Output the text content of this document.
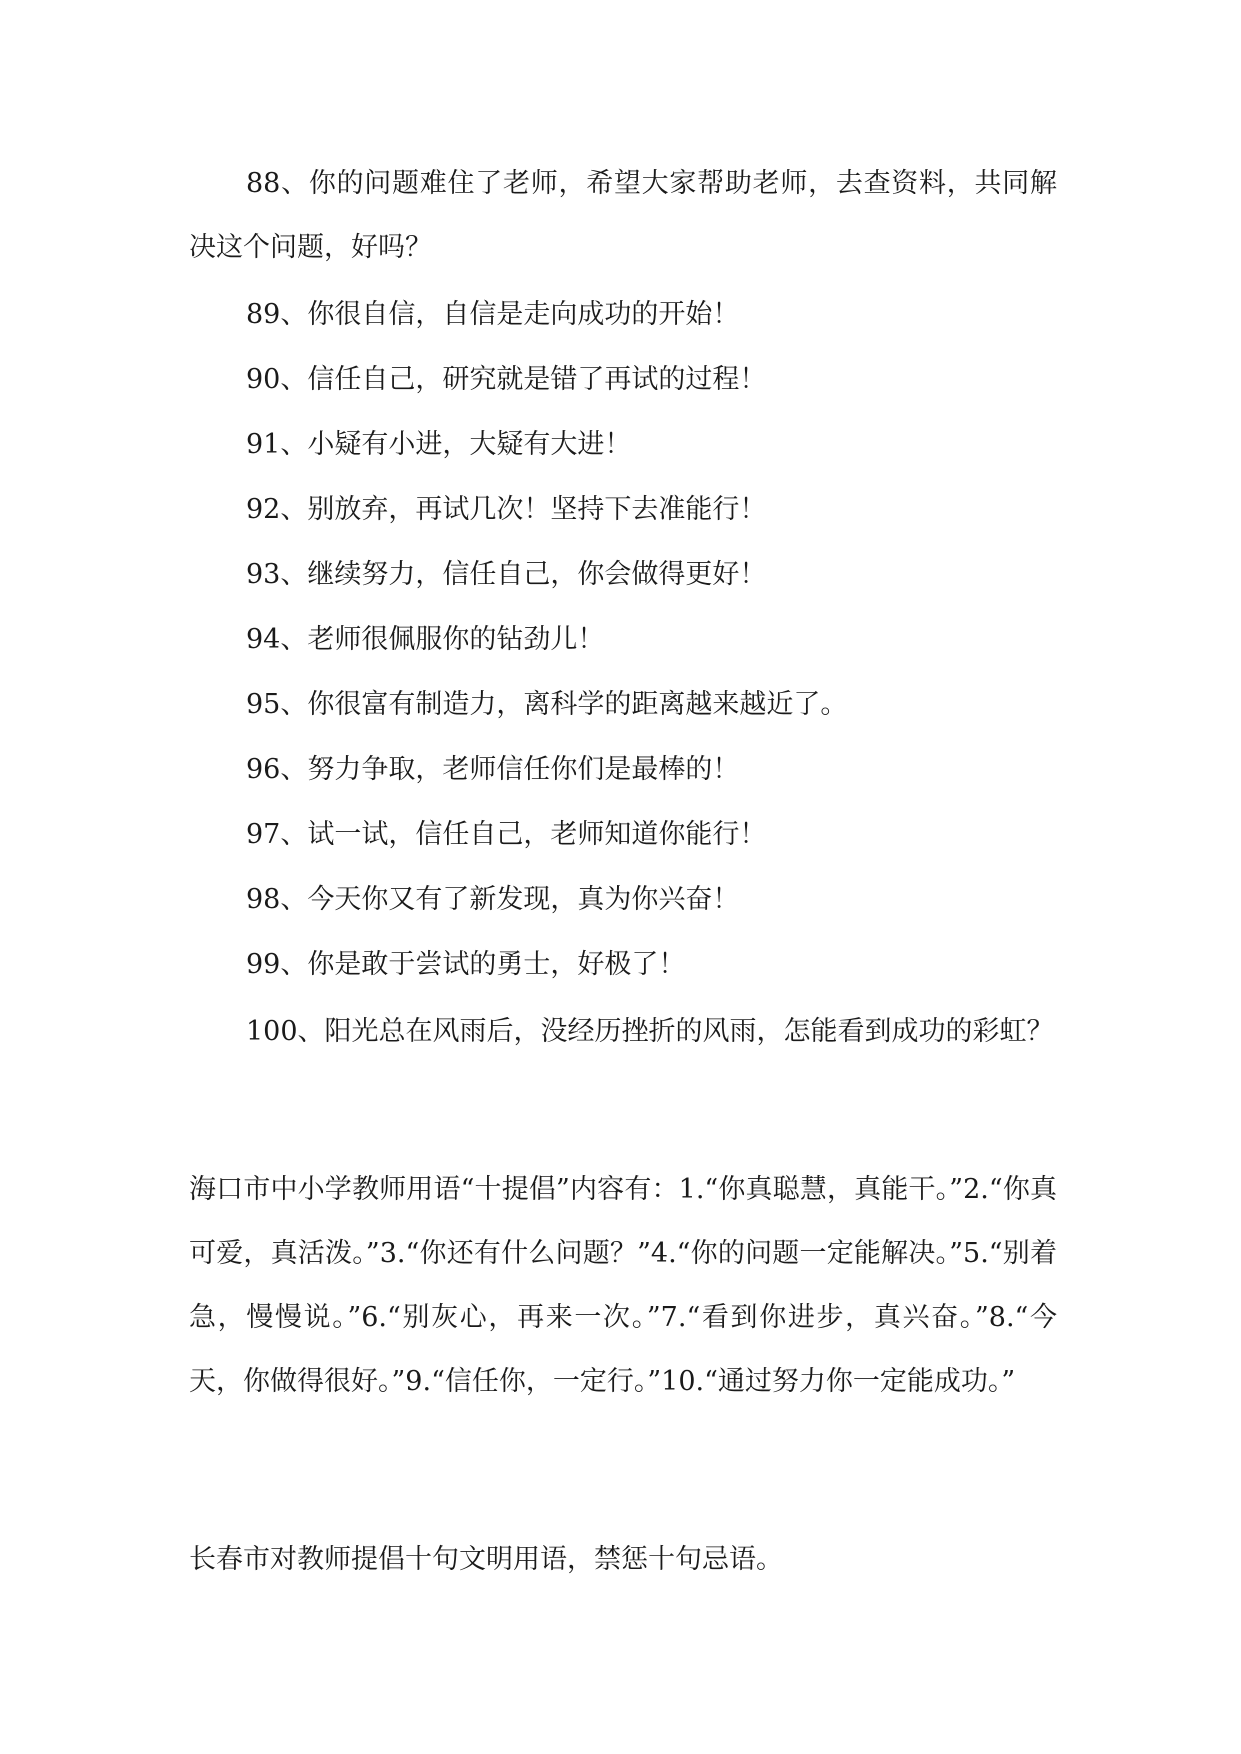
88、你的问题难住了老师，希望大家帮助老师，去查资料，共同解决这个问题，好吗？

89、你很自信，自信是走向成功的开始！

90、信任自己，研究就是错了再试的过程！

91、小疑有小进，大疑有大进！

92、别放弃，再试几次！坚持下去准能行！

93、继续努力，信任自己，你会做得更好！

94、老师很佩服你的钻劲儿！

95、你很富有制造力，离科学的距离越来越近了。

96、努力争取，老师信任你们是最棒的！

97、试一试，信任自己，老师知道你能行！

98、今天你又有了新发现，真为你兴奋！

99、你是敢于尝试的勇士，好极了！

100、阳光总在风雨后，没经历挫折的风雨，怎能看到成功的彩虹？

海口市中小学教师用语“十提倡”内容有：1.“你真聪慧，真能干。”2.“你真可爱，真活泼。”3.“你还有什么问题？”4.“你的问题一定能解决。”5.“别着急，慢慢说。”6.“别灰心，再来一次。”7.“看到你进步，真兴奋。”8.“今天，你做得很好。”9.“信任你，一定行。”10.“通过努力你一定能成功。”

长春市对教师提倡十句文明用语，禁惩十句忌语。
